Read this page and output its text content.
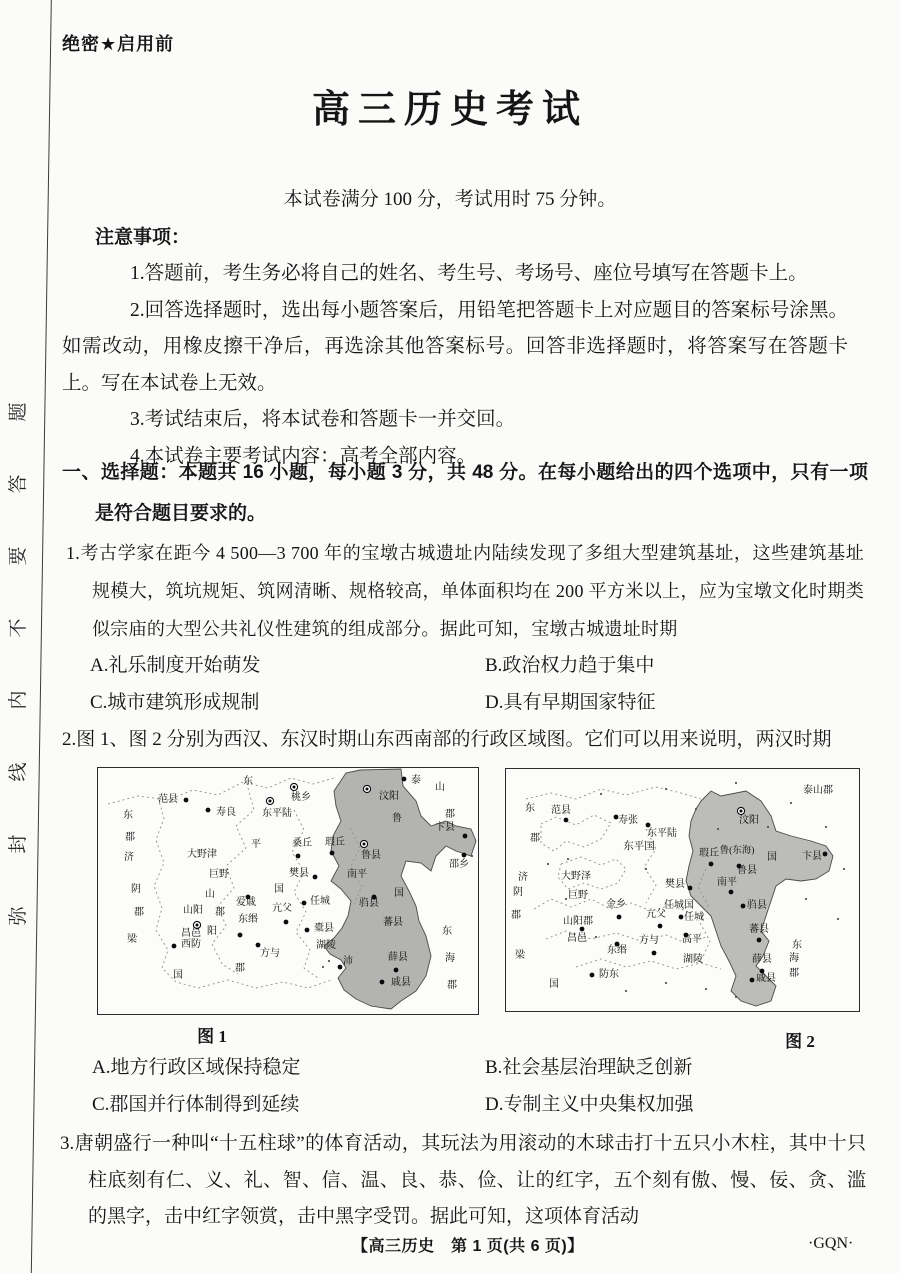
题
答
要
不
内
线
封
弥
绝密★启用前
高三历史考试
本试卷满分 100 分，考试用时 75 分钟。
注意事项：

1.答题前，考生务必将自己的姓名、考生号、考场号、座位号填写在答题卡上。

2.回答选择题时，选出每小题答案后，用铅笔把答题卡上对应题目的答案标号涂黑。如需改动，用橡皮擦干净后，再选涂其他答案标号。回答非选择题时，将答案写在答题卡上。写在本试卷上无效。

3.考试结束后，将本试卷和答题卡一并交回。

4.本试卷主要考试内容：高考全部内容。

一、选择题：本题共 16 小题，每小题 3 分，共 48 分。在每小题给出的四个选项中，只有一项是符合题目要求的。
1.考古学家在距今 4 500—3 700 年的宝墩古城遗址内陆续发现了多组大型建筑基址，这些建筑基址规模大，筑坑规矩、筑网清晰、规格较高，单体面积均在 200 平方米以上，应为宝墩文化时期类似宗庙的大型公共礼仪性建筑的组成部分。据此可知，宝墩古城遗址时期
A.礼乐制度开始萌发	B.政治权力趋于集中
C.城市建筑形成规制	D.具有早期国家特征
2.图 1、图 2 分别为西汉、东汉时期山东西南部的行政区域图。它们可以用来说明，两汉时期
东	泰
山
郡
东
郡
济
阴
郡
梁
国
平
国
鲁
国
东
海
郡
大野津
巨野
山
山阳 郡
阳
郡
范县
寿良	东平陆
桃乡	汶阳
卞县
瑕丘
桑丘
鲁县
邵乡
樊县	南平
爱戚
东缗
亢父
任城
昌邑	橐县
西防
方与
湖陵
沛
驺县
蕃县
薛县
戚县
泰山郡
东
郡
济
阴
郡
梁
国
东平国
任城国
山阳郡
鲁(东海)
国
东
海
郡
大野泽
巨野
湖陵
范县
寿张
东平陆
汶阳
卞县
瑕丘
鲁县
南平
樊县
金乡
亢父 任城
驺县
昌邑
蕃县
方与 高平
东缗
薛县
戚县
防东
图 1	图 2
A.地方行政区域保持稳定	B.社会基层治理缺乏创新
C.郡国并行体制得到延续	D.专制主义中央集权加强
3.唐朝盛行一种叫“十五柱球”的体育活动，其玩法为用滚动的木球击打十五只小木柱，其中十只柱底刻有仁、义、礼、智、信、温、良、恭、俭、让的红字，五个刻有傲、慢、佞、贪、滥的黑字，击中红字领赏，击中黑字受罚。据此可知，这项体育活动
【高三历史　第 1 页(共 6 页)】	·GQN·
